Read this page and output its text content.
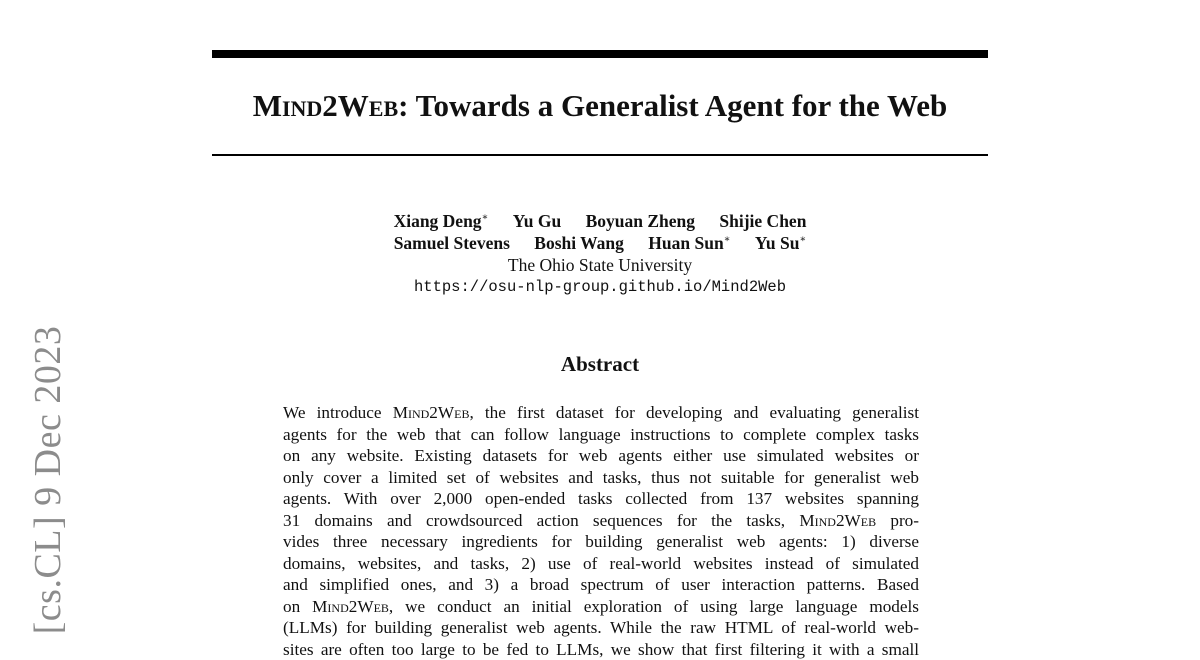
Mind2Web: Towards a Generalist Agent for the Web
Xiang Deng∗ Yu Gu Boyuan Zheng Shijie Chen
Samuel Stevens Boshi Wang Huan Sun∗ Yu Su∗
The Ohio State University
https://osu-nlp-group.github.io/Mind2Web
[cs.CL] 9 Dec 2023	Abstract
We introduce Mind2Web, the first dataset for developing and evaluating generalist
agents for the web that can follow language instructions to complete complex tasks
on any website. Existing datasets for web agents either use simulated websites or
only cover a limited set of websites and tasks, thus not suitable for generalist web
agents. With over 2,000 open-ended tasks collected from 137 websites spanning
31 domains and crowdsourced action sequences for the tasks, Mind2Web pro-
vides three necessary ingredients for building generalist web agents: 1) diverse
domains, websites, and tasks, 2) use of real-world websites instead of simulated
and simplified ones, and 3) a broad spectrum of user interaction patterns. Based
on Mind2Web, we conduct an initial exploration of using large language models
(LLMs) for building generalist web agents. While the raw HTML of real-world web-
sites are often too large to be fed to LLMs, we show that first filtering it with a small
